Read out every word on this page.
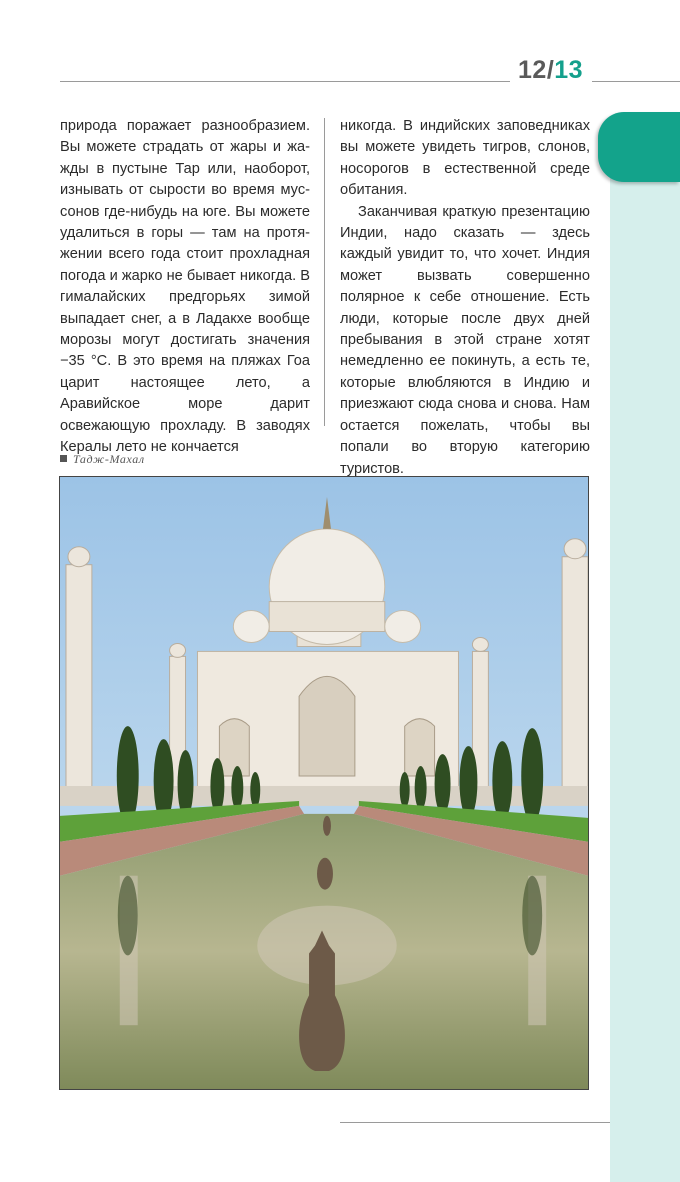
12/13

природа поражает разнообразием. Вы можете страдать от жары и жажды в пустыне Тар или, наоборот, изнывать от сырости во время муссонов где-нибудь на юге. Вы можете удалиться в горы — там на протяжении всего года стоит прохладная погода и жарко не бывает никогда. В гималайских предгорьях зимой выпадает снег, а в Ладакхе вообще морозы могут достигать значения −35 °С. В это время на пляжах Гоа царит настоящее лето, а Аравийское море дарит освежающую прохладу. В заводях Кералы лето не кончается

никогда. В индийских заповедниках вы можете увидеть тигров, слонов, носорогов в естественной среде обитания.

Заканчивая краткую презентацию Индии, надо сказать — здесь каждый увидит то, что хочет. Индия может вызвать совершенно полярное к себе отношение. Есть люди, которые после двух дней пребывания в этой стране хотят немедленно ее покинуть, а есть те, которые влюбляются в Индию и приезжают сюда снова и снова. Нам остается пожелать, чтобы вы попали во вторую категорию туристов.

Тадж-Махал
